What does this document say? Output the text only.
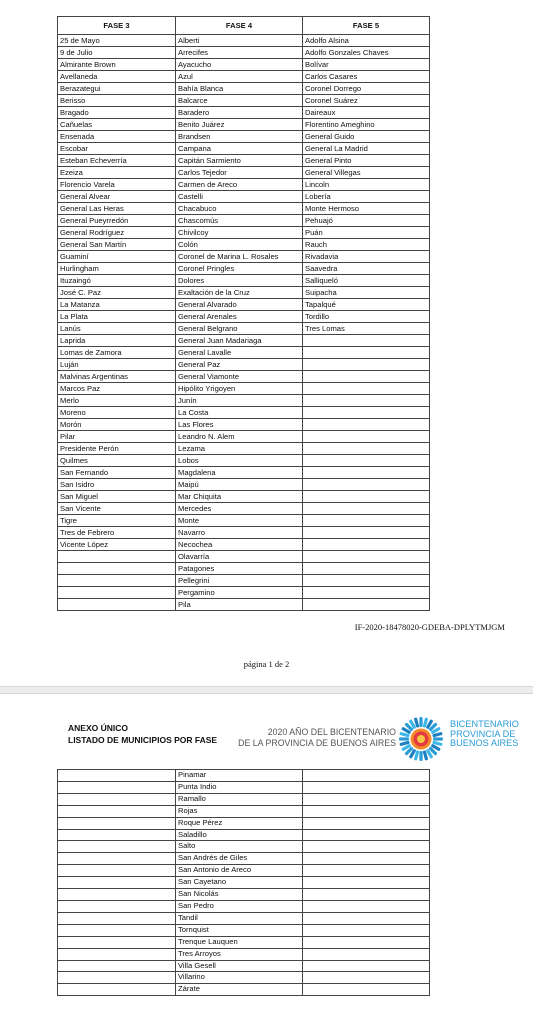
FASE 3	FASE 4	FASE 5
25 de Mayo	Alberti	Adolfo Alsina
9 de Julio	Arrecifes	Adolfo Gonzales Chaves
Almirante Brown	Ayacucho	Bolívar
Avellaneda	Azul	Carlos Casares
Berazategui	Bahía Blanca	Coronel Dorrego
Berisso	Balcarce	Coronel Suárez
Bragado	Baradero	Daireaux
Cañuelas	Benito Juárez	Florentino Ameghino
Ensenada	Brandsen	General Guido
Escobar	Campana	General La Madrid
Esteban Echeverría	Capitán Sarmiento	General Pinto
Ezeiza	Carlos Tejedor	General Villegas
Florencio Varela	Carmen de Areco	Lincoln
General Alvear	Castelli	Lobería
General Las Heras	Chacabuco	Monte Hermoso
General Pueyrredón	Chascomús	Pehuajó
General Rodríguez	Chivilcoy	Puán
General San Martín	Colón	Rauch
Guaminí	Coronel de Marina L. Rosales	Rivadavia
Hurlingham	Coronel Pringles	Saavedra
Ituzaingó	Dolores	Salliqueló
José C. Paz	Exaltación de la Cruz	Suipacha
La Matanza	General Alvarado	Tapalqué
La Plata	General Arenales	Tordillo
Lanús	General Belgrano	Tres Lomas
Laprida	General Juan Madariaga	
Lomas de Zamora	General Lavalle	
Luján	General Paz	
Malvinas Argentinas	General Viamonte	
Marcos Paz	Hipólito Yrigoyen	
Merlo	Junín	
Moreno	La Costa	
Morón	Las Flores	
Pilar	Leandro N. Alem	
Presidente Perón	Lezama	
Quilmes	Lobos	
San Fernando	Magdalena	
San Isidro	Maipú	
San Miguel	Mar Chiquita	
San Vicente	Mercedes	
Tigre	Monte	
Tres de Febrero	Navarro	
Vicente López	Necochea	
	Olavarría	
	Patagones	
	Pellegrini	
	Pergamino	
	Pila	
IF-2020-18478020-GDEBA-DPLYTMJGM
página 1 de 2
ANEXO ÚNICO
LISTADO DE MUNICIPIOS POR FASE
2020 AÑO DEL BICENTENARIO
DE LA PROVINCIA DE BUENOS AIRES
BICENTENARIO
PROVINCIA DE
BUENOS AIRES
	Pinamar	
	Punta Indio	
	Ramallo	
	Rojas	
	Roque Pérez	
	Saladillo	
	Salto	
	San Andrés de Giles	
	San Antonio de Areco	
	San Cayetano	
	San Nicolás	
	San Pedro	
	Tandil	
	Tornquist	
	Trenque Lauquen	
	Tres Arroyos	
	Villa Gesell	
	Villarino	
	Zárate	
